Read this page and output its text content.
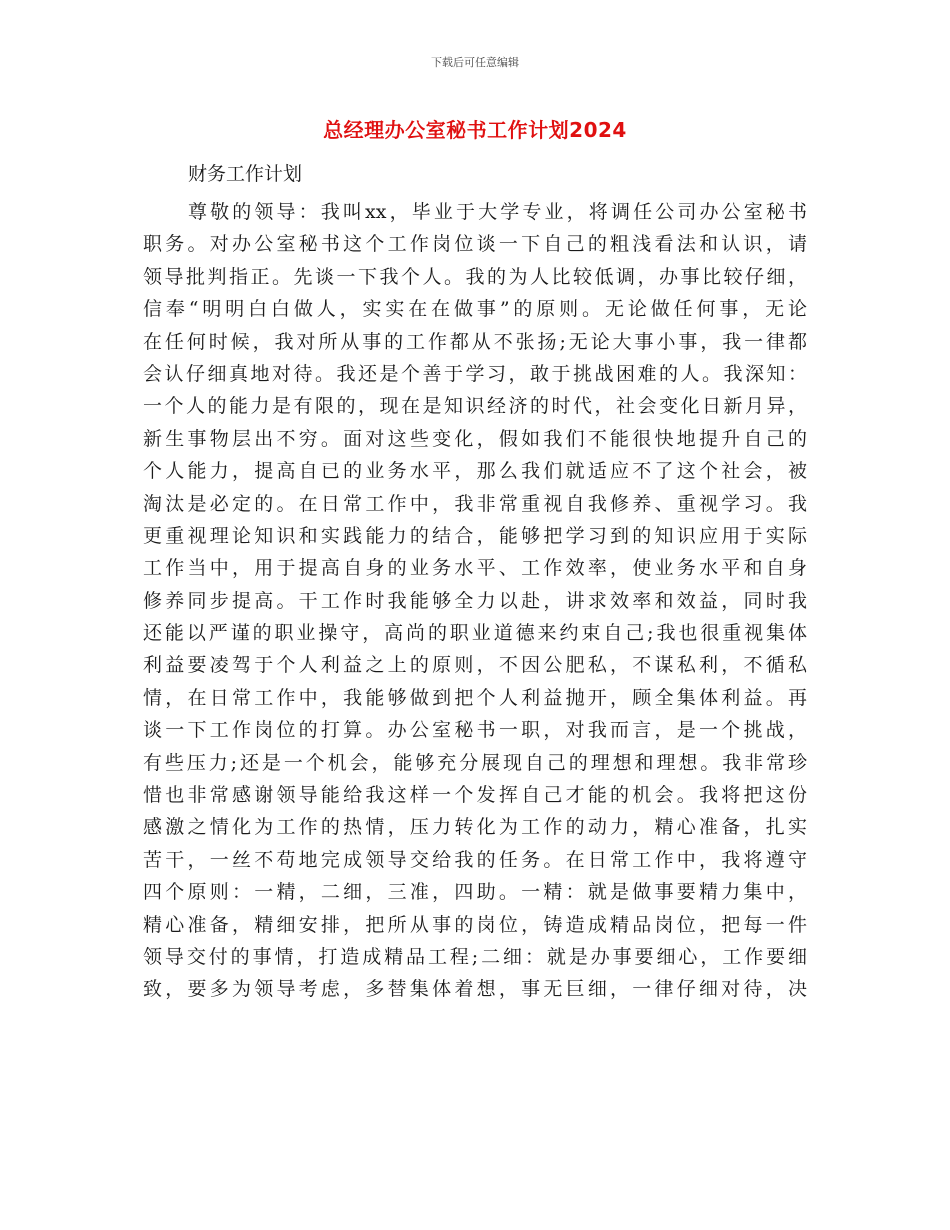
下载后可任意编辑
总经理办公室秘书工作计划2024
财务工作计划
尊敬的领导：我叫xx，毕业于大学专业，将调任公司办公室秘书
职务。对办公室秘书这个工作岗位谈一下自己的粗浅看法和认识，请
领导批判指正。先谈一下我个人。我的为人比较低调，办事比较仔细，
信奉“明明白白做人，实实在在做事”的原则。无论做任何事，无论
在任何时候，我对所从事的工作都从不张扬;无论大事小事，我一律都
会认仔细真地对待。我还是个善于学习，敢于挑战困难的人。我深知：
一个人的能力是有限的，现在是知识经济的时代，社会变化日新月异，
新生事物层出不穷。面对这些变化，假如我们不能很快地提升自己的
个人能力，提高自已的业务水平，那么我们就适应不了这个社会，被
淘汰是必定的。在日常工作中，我非常重视自我修养、重视学习。我
更重视理论知识和实践能力的结合，能够把学习到的知识应用于实际
工作当中，用于提高自身的业务水平、工作效率，使业务水平和自身
修养同步提高。干工作时我能够全力以赴，讲求效率和效益，同时我
还能以严谨的职业操守，高尚的职业道德来约束自己;我也很重视集体
利益要凌驾于个人利益之上的原则，不因公肥私，不谋私利，不循私
情，在日常工作中，我能够做到把个人利益抛开，顾全集体利益。再
谈一下工作岗位的打算。办公室秘书一职，对我而言，是一个挑战，
有些压力;还是一个机会，能够充分展现自己的理想和理想。我非常珍
惜也非常感谢领导能给我这样一个发挥自己才能的机会。我将把这份
感激之情化为工作的热情，压力转化为工作的动力，精心准备，扎实
苦干，一丝不苟地完成领导交给我的任务。在日常工作中，我将遵守
四个原则：一精，二细，三准，四助。一精：就是做事要精力集中，
精心准备，精细安排，把所从事的岗位，铸造成精品岗位，把每一件
领导交付的事情，打造成精品工程;二细：就是办事要细心，工作要细
致，要多为领导考虑，多替集体着想，事无巨细，一律仔细对待，决
